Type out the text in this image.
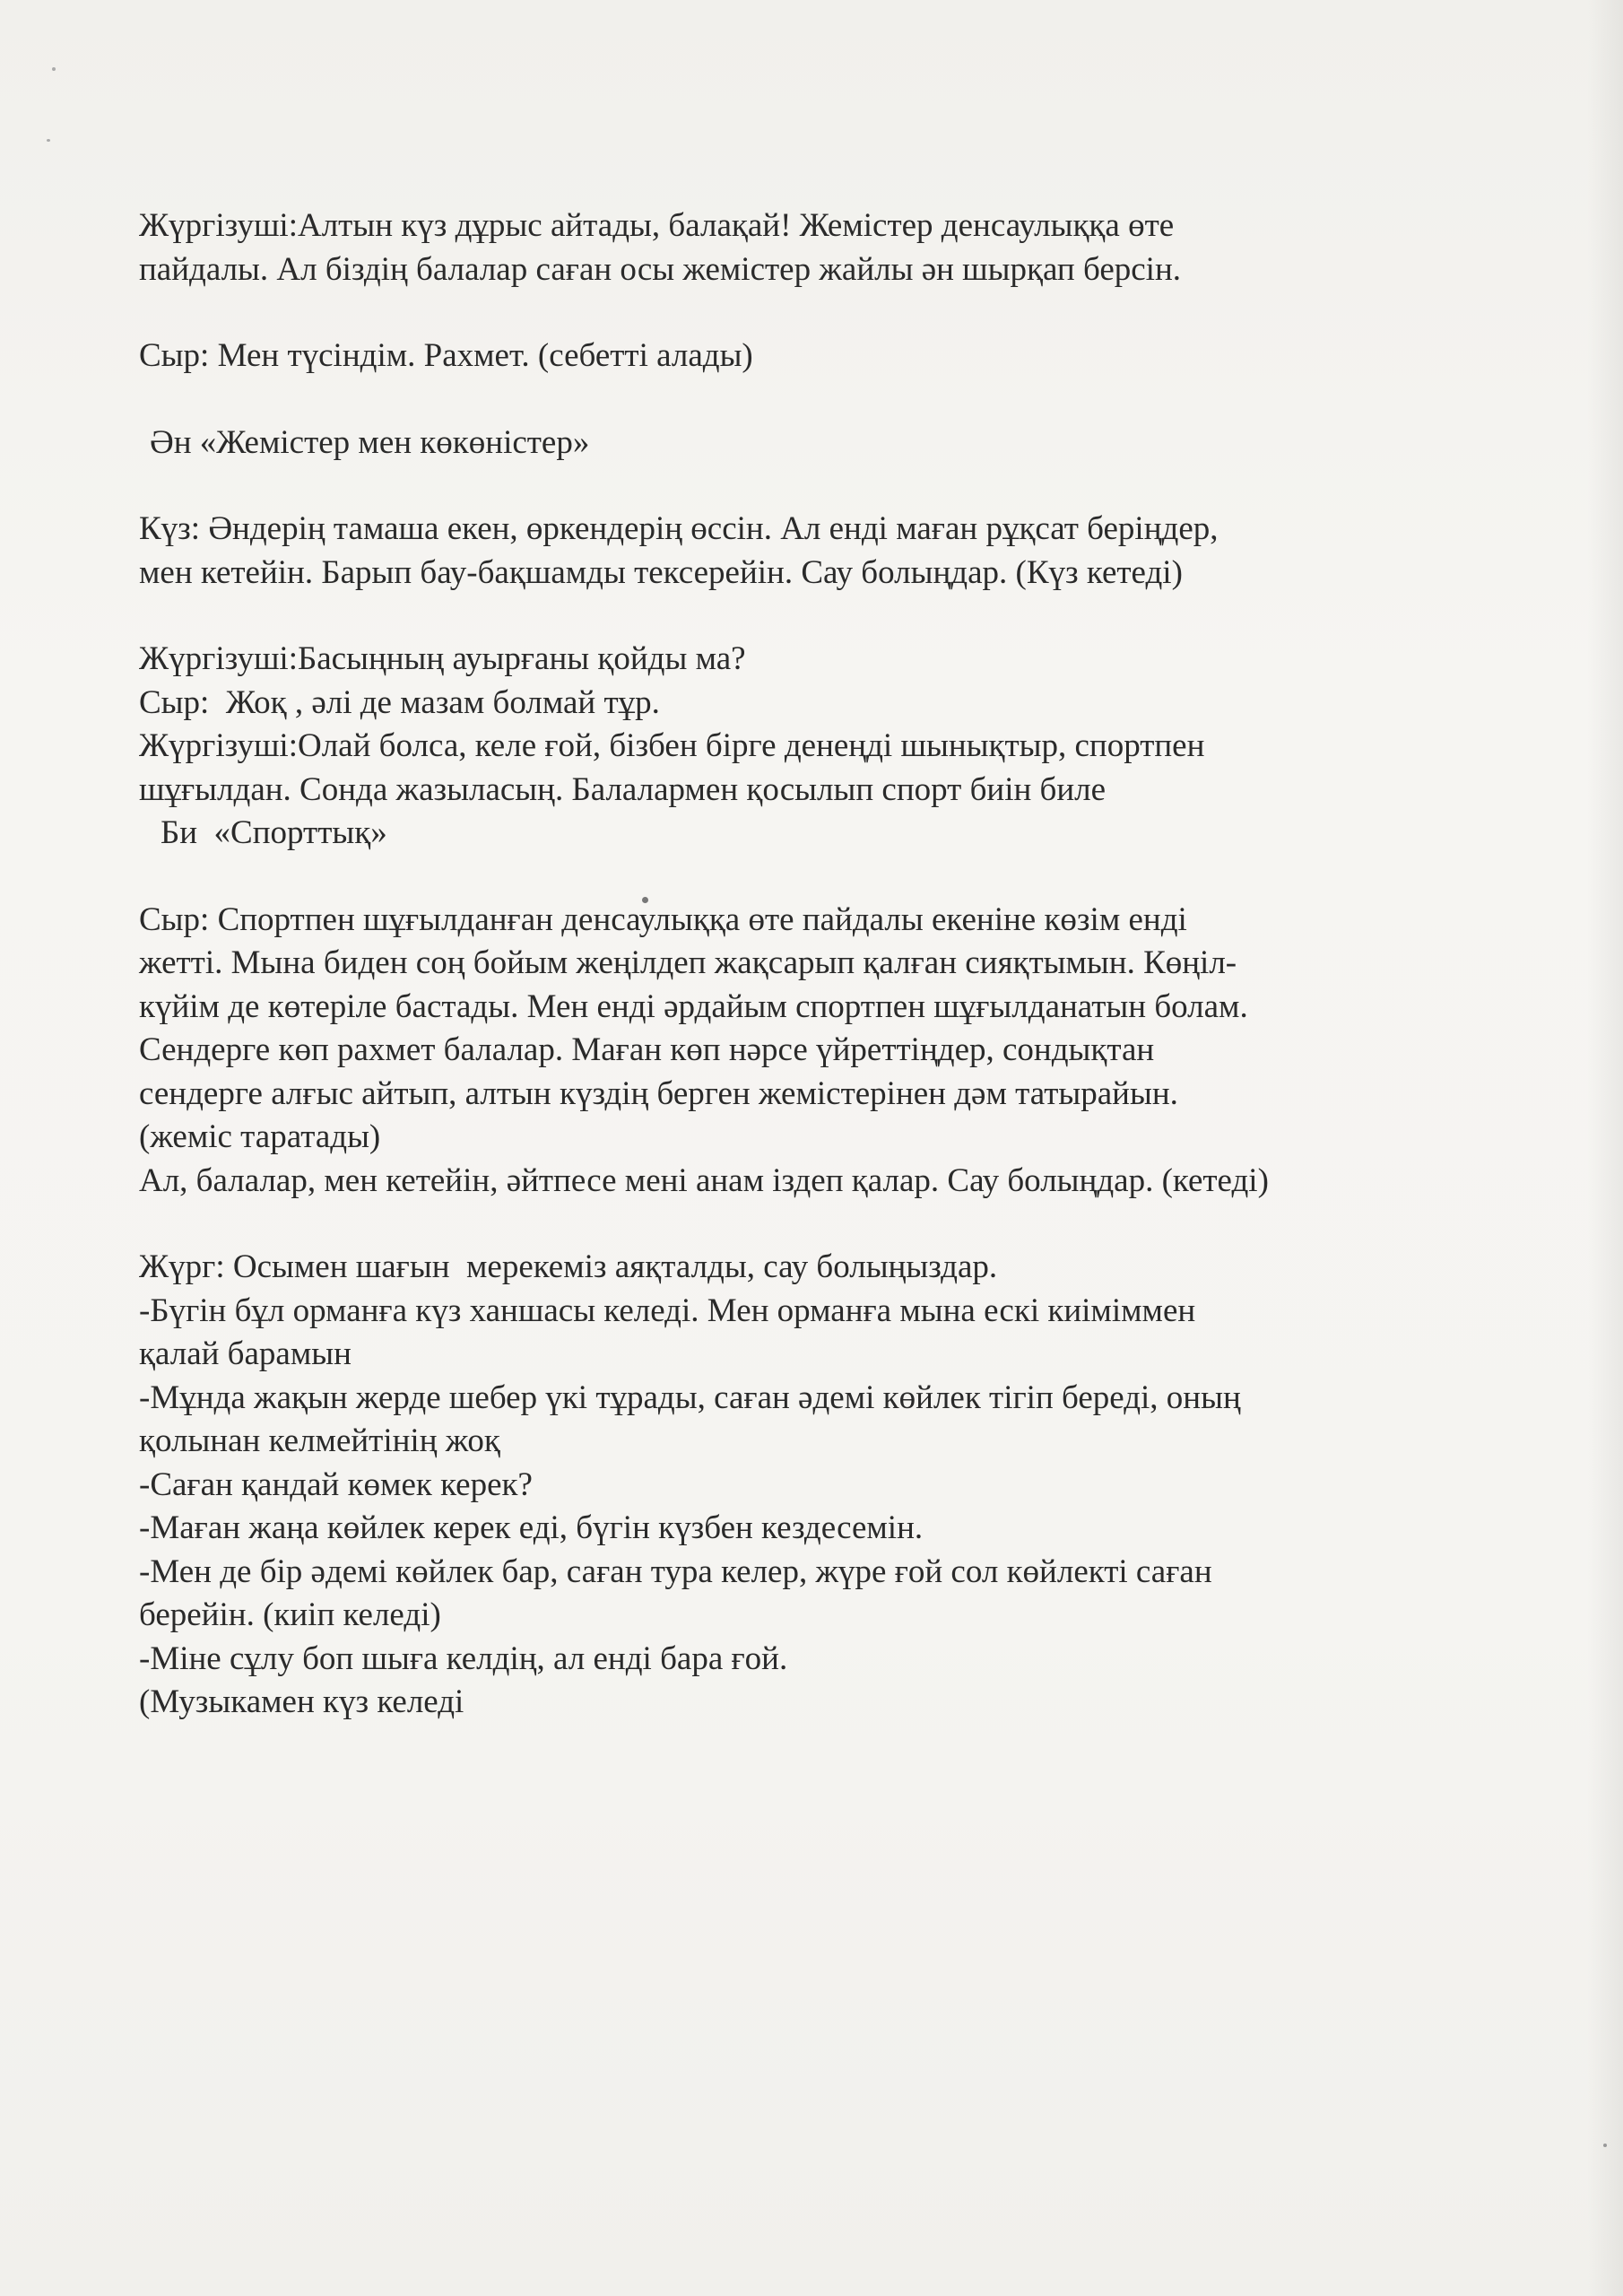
Жүргізуші:Алтын күз дұрыс айтады, балақай! Жемістер денсаулыққа өте
пайдалы. Ал біздің балалар саған осы жемістер жайлы ән шырқап берсін.
Сыр: Мен түсіндім. Рахмет. (себетті алады)
Ән «Жемістер мен көкөністер»
Күз: Әндерің тамаша екен, өркендерің өссін. Ал енді маған рұқсат беріңдер,
мен кетейін. Барып бау-бақшамды тексерейін. Сау болыңдар. (Күз кетеді)
Жүргізуші:Басыңның ауырғаны қойды ма?
Сыр:  Жоқ , әлі де мазам болмай тұр.
Жүргізуші:Олай болса, келе ғой, бізбен бірге денеңді шынықтыр, спортпен
шұғылдан. Сонда жазыласың. Балалармен қосылып спорт биін биле
Би  «Спорттық»
Сыр: Спортпен шұғылданған денсаулыққа өте пайдалы екеніне көзім енді
жетті. Мына биден соң бойым жеңілдеп жақсарып қалған сияқтымын. Көңіл-
күйім де көтеріле бастады. Мен енді әрдайым спортпен шұғылданатын болам.
Сендерге көп рахмет балалар. Маған көп нәрсе үйреттіңдер, сондықтан
сендерге алғыс айтып, алтын күздің берген жемістерінен дәм татырайын.
(жеміс таратады)
Ал, балалар, мен кетейін, әйтпесе мені анам іздеп қалар. Сау болыңдар. (кетеді)
Жүрг: Осымен шағын  мерекеміз аяқталды, сау болыңыздар.
-Бүгін бұл орманға күз ханшасы келеді. Мен орманға мына ескі киіміммен
қалай барамын
-Мұнда жақын жерде шебер үкі тұрады, саған әдемі көйлек тігіп береді, оның
қолынан келмейтінің жоқ
-Саған қандай көмек керек?
-Маған жаңа көйлек керек еді, бүгін күзбен кездесемін.
-Мен де бір әдемі көйлек бар, саған тура келер, жүре ғой сол көйлекті саған
берейін. (киіп келеді)
-Міне сұлу боп шыға келдің, ал енді бара ғой.
(Музыкамен күз келеді
